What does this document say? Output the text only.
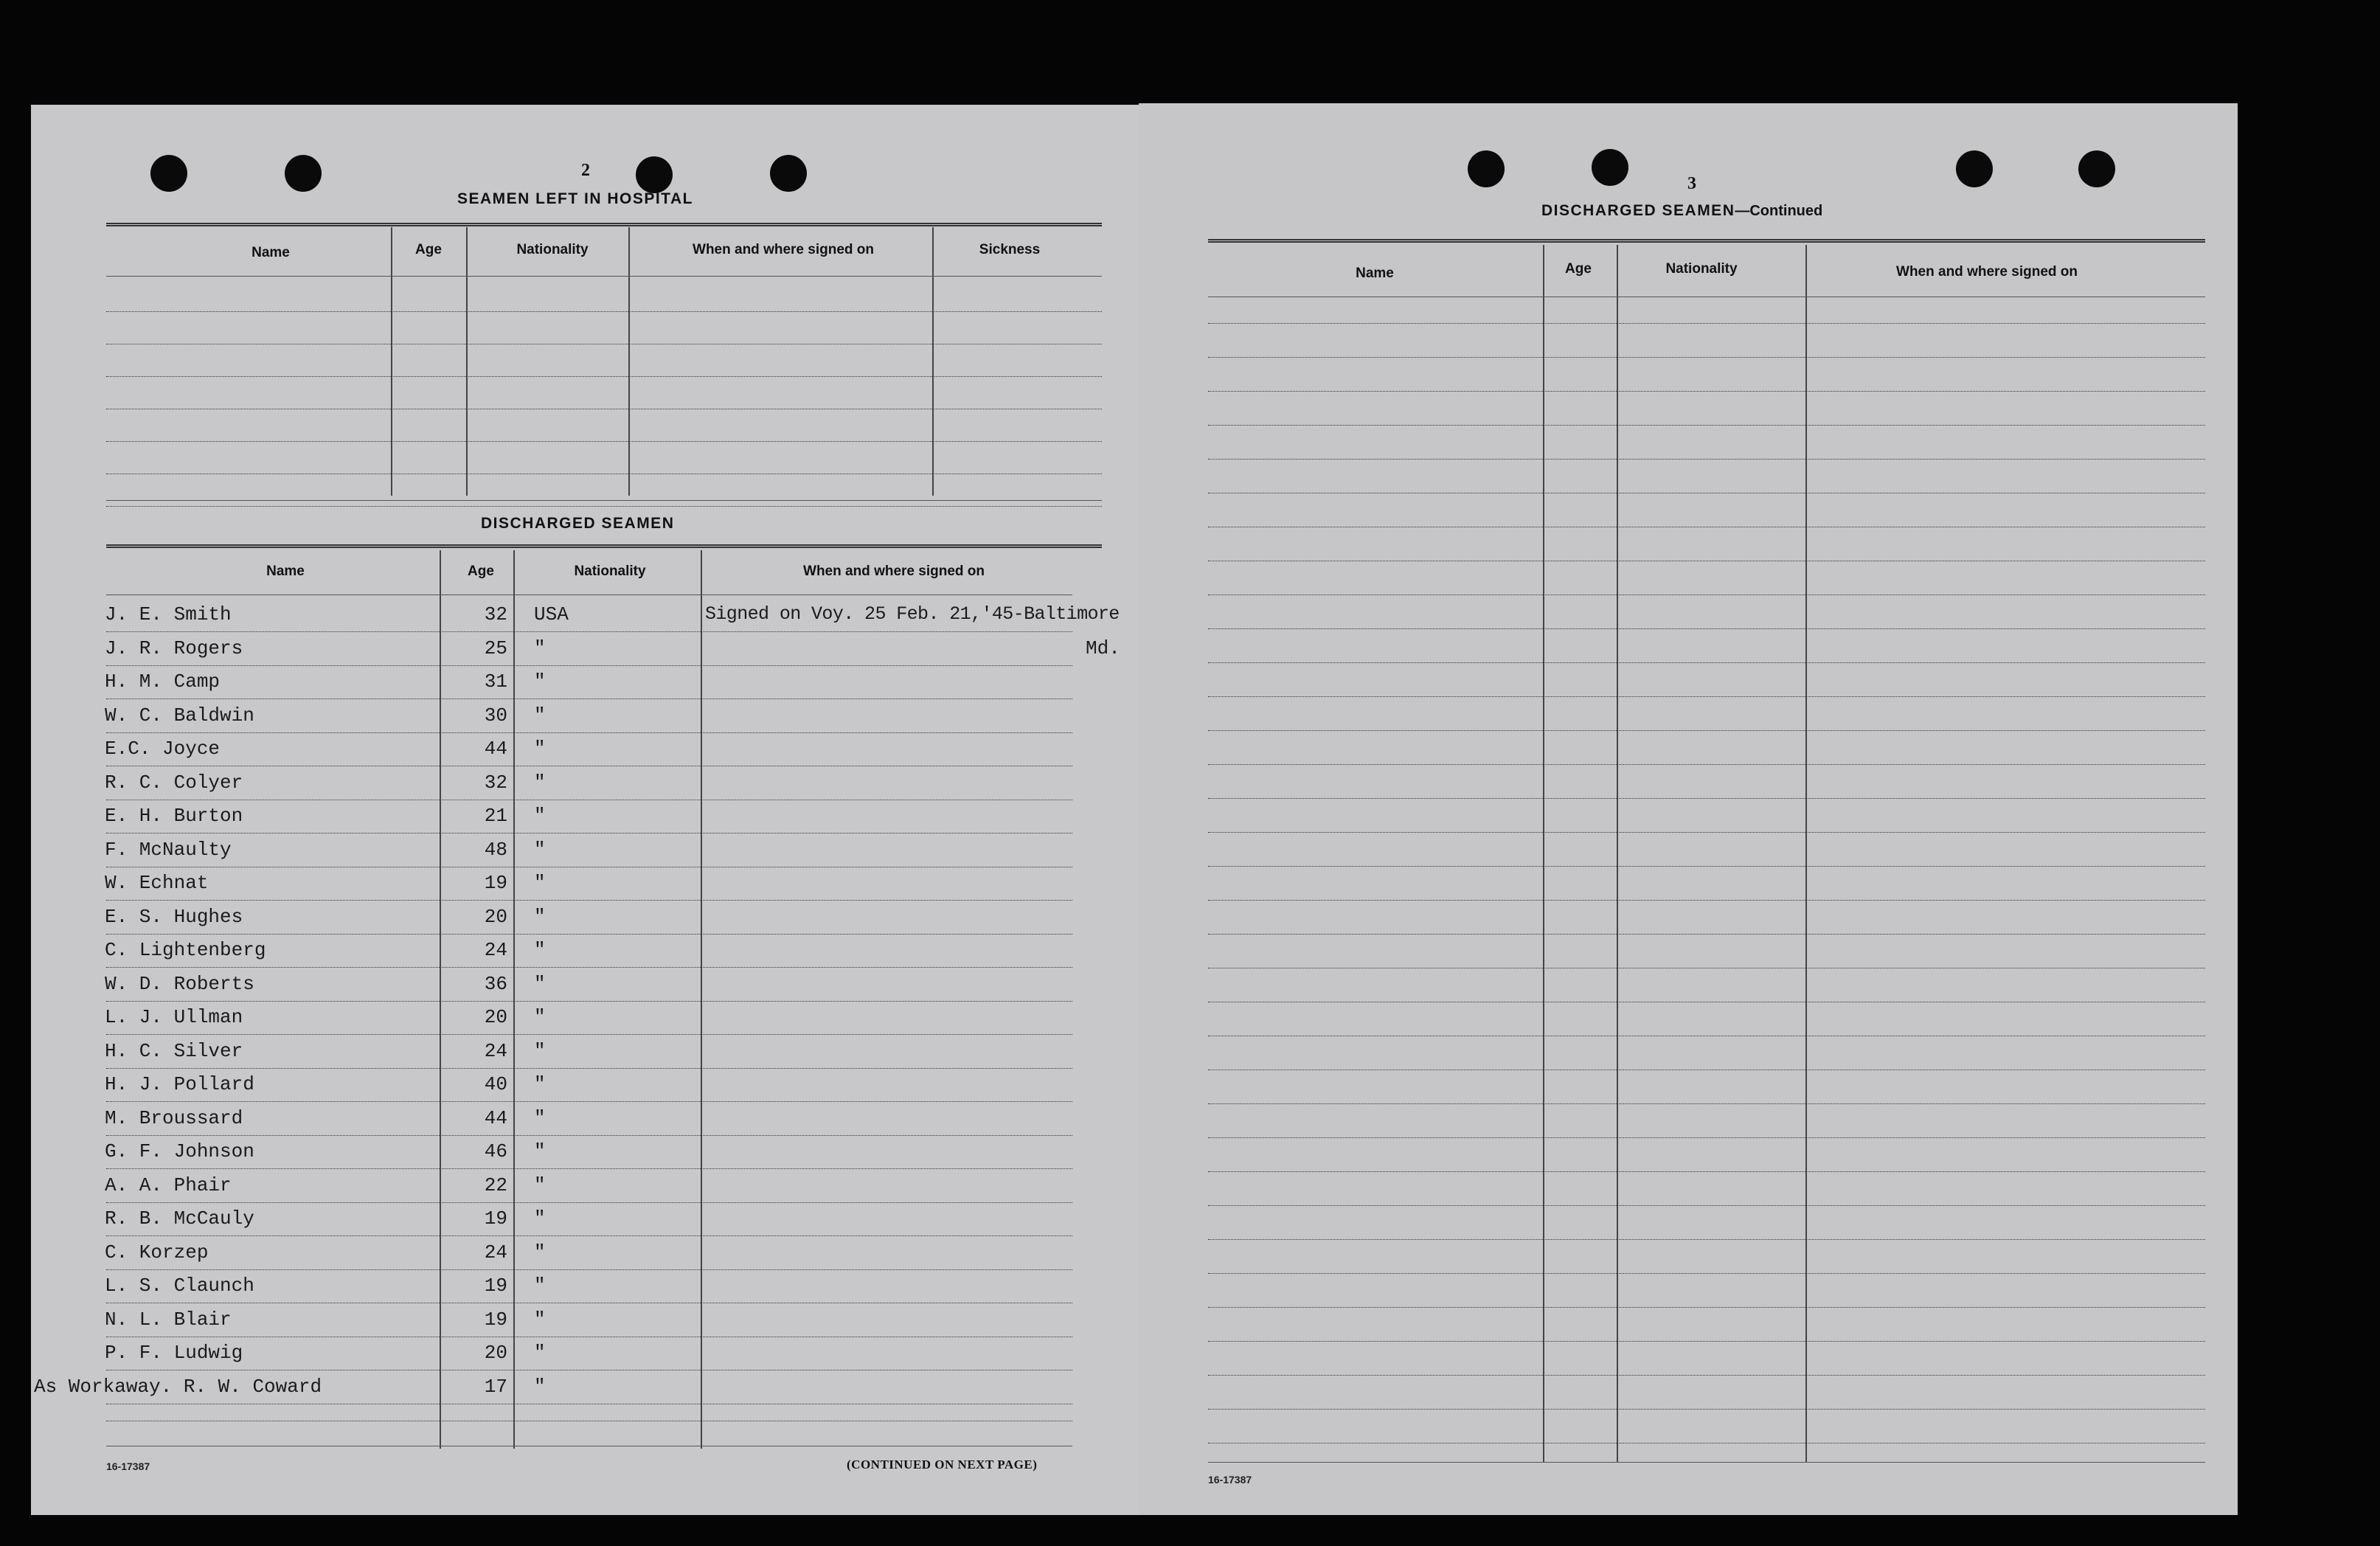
2
SEAMEN LEFT IN HOSPITAL
Name	Age	Nationality	When and where signed on	Sickness
DISCHARGED SEAMEN
Name	Age	Nationality	When and where signed on
J. E. Smith	32 USA	Signed on Voy. 25 Feb. 21,'45-Baltimore
J. R. Rogers	25 "	Md.
H. M. Camp	31 "
W. C. Baldwin	30 "
E.C. Joyce	44 "
R. C. Colyer	32 "
E. H. Burton	21 "
F. McNaulty	48 "
W. Echnat	19 "
E. S. Hughes	20 "
C. Lightenberg	24 "
W. D. Roberts	36 "
L. J. Ullman	20 "
H. C. Silver	24 "
H. J. Pollard	40 "
M. Broussard	44 "
G. F. Johnson	46 "
A. A. Phair	22 "
R. B. McCauly	19 "
C. Korzep	24 "
L. S. Claunch	19 "
N. L. Blair	19 "
P. F. Ludwig	20 "
As Workaway. R. W. Coward	17 "
16-17387	(CONTINUED ON NEXT PAGE)
3
DISCHARGED SEAMEN—Continued
Name	Age	Nationality	When and where signed on
16-17387
